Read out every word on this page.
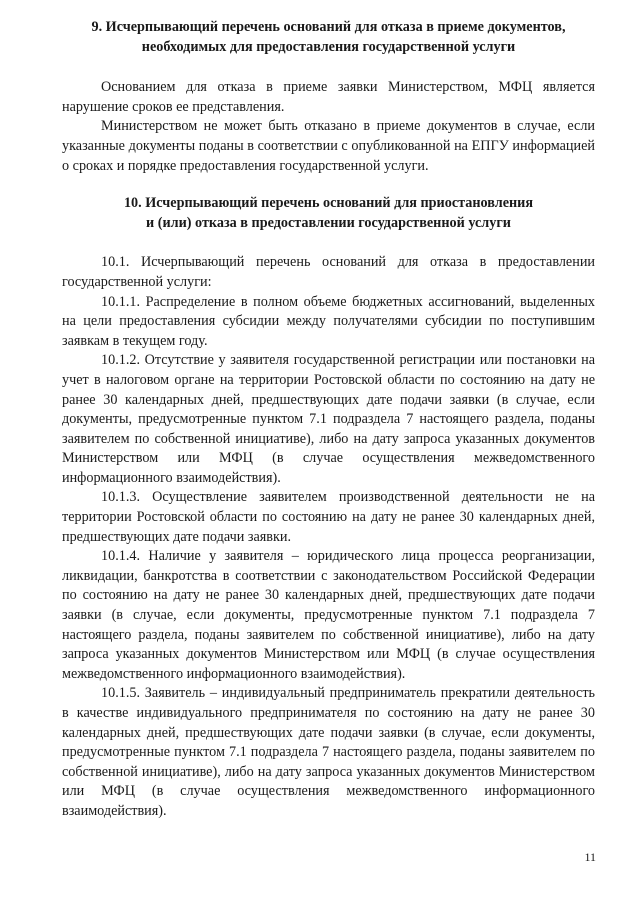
9. Исчерпывающий перечень оснований для отказа в приеме документов,
необходимых для предоставления государственной услуги

Основанием для отказа в приеме заявки Министерством, МФЦ является нарушение сроков ее представления.

Министерством не может быть отказано в приеме документов в случае, если указанные документы поданы в соответствии с опубликованной на ЕПГУ информацией о сроках и порядке предоставления государственной услуги.

10. Исчерпывающий перечень оснований для приостановления
и (или) отказа в предоставлении государственной услуги

10.1. Исчерпывающий перечень оснований для отказа в предоставлении государственной услуги:

10.1.1. Распределение в полном объеме бюджетных ассигнований, выделенных на цели предоставления субсидии между получателями субсидии по поступившим заявкам в текущем году.

10.1.2. Отсутствие у заявителя государственной регистрации или постановки на учет в налоговом органе на территории Ростовской области по состоянию на дату не ранее 30 календарных дней, предшествующих дате подачи заявки (в случае, если документы, предусмотренные пунктом 7.1 подраздела 7 настоящего раздела, поданы заявителем по собственной инициативе), либо на дату запроса указанных документов Министерством или МФЦ (в случае осуществления межведомственного информационного взаимодействия).

10.1.3. Осуществление заявителем производственной деятельности не на территории Ростовской области по состоянию на дату не ранее 30 календарных дней, предшествующих дате подачи заявки.

10.1.4. Наличие у заявителя – юридического лица процесса реорганизации, ликвидации, банкротства в соответствии с законодательством Российской Федерации по состоянию на дату не ранее 30 календарных дней, предшествующих дате подачи заявки (в случае, если документы, предусмотренные пунктом 7.1 подраздела 7 настоящего раздела, поданы заявителем по собственной инициативе), либо на дату запроса указанных документов Министерством или МФЦ (в случае осуществления межведомственного информационного взаимодействия).

10.1.5. Заявитель – индивидуальный предприниматель прекратили деятельность в качестве индивидуального предпринимателя по состоянию на дату не ранее 30 календарных дней, предшествующих дате подачи заявки (в случае, если документы, предусмотренные пунктом 7.1 подраздела 7 настоящего раздела, поданы заявителем по собственной инициативе), либо на дату запроса указанных документов Министерством или МФЦ (в случае осуществления межведомственного информационного взаимодействия).

11
